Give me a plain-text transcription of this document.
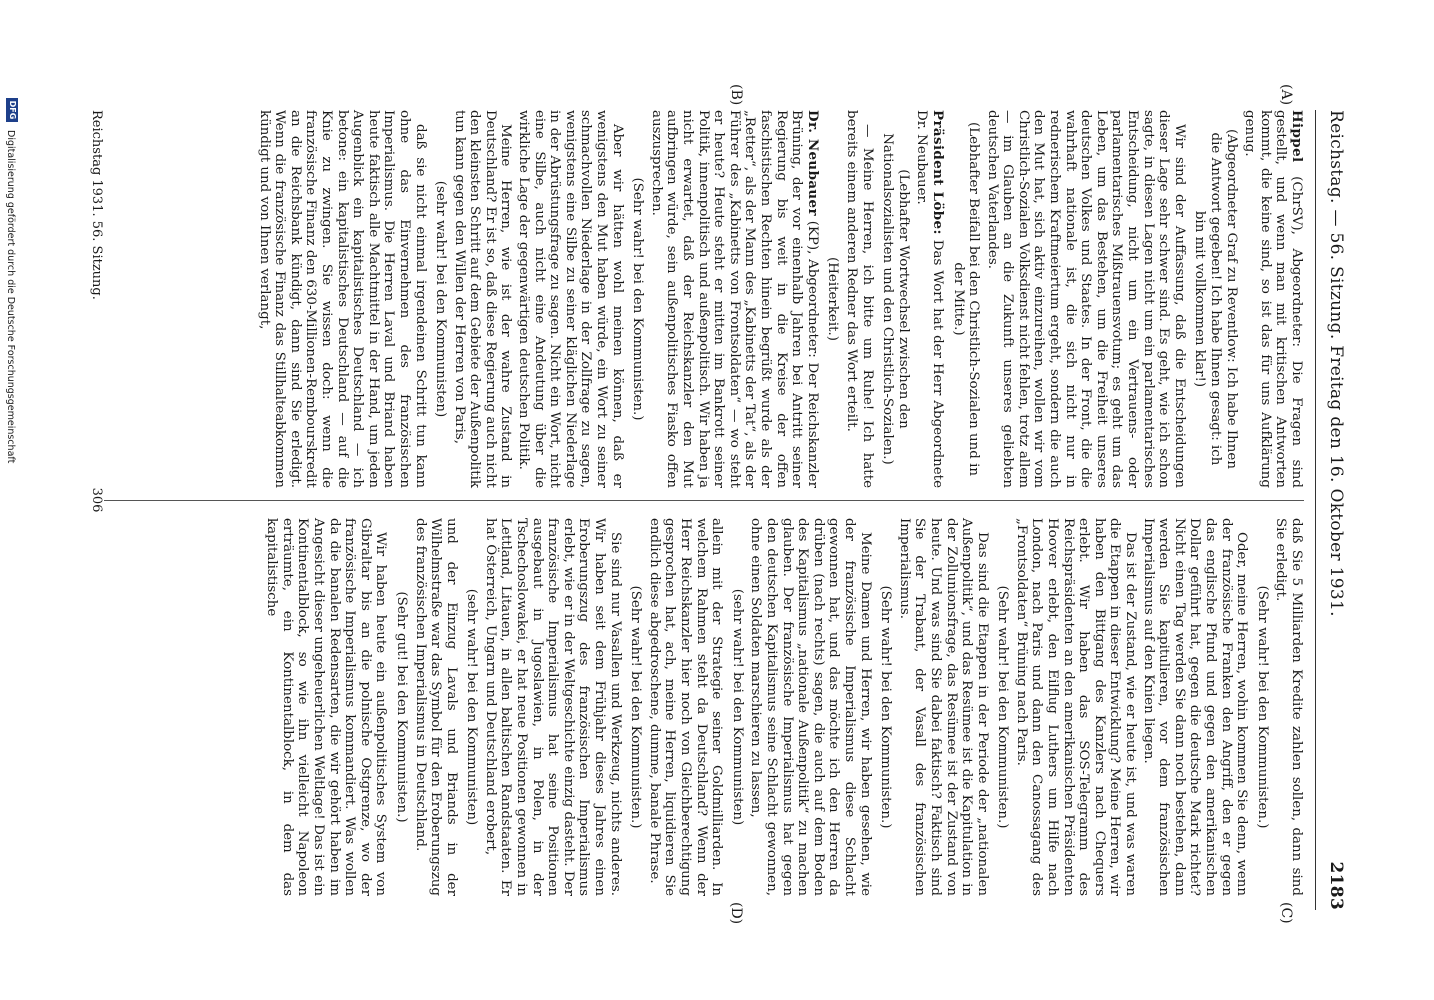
Reichstag. — 56. Sitzung. Freitag den 16. Oktober 1931.
2183
(A)
(B)
(C)
(D)

Hippel (ChrSV), Abgeordneter: Die Fragen sind gestellt, und wenn man mit kritischen Antworten kommt, die keine sind, so ist das für uns Aufklärung genug.

(Abgeordneter Graf zu Reventlow: Ich habe Ihnen die Antwort gegeben! Ich habe Ihnen gesagt: ich bin mit vollkommen klar!)

Wir sind der Auffassung, daß die Entscheidungen dieser Lage sehr schwer sind. Es geht, wie ich schon sagte, in diesen Lagen nicht um ein parlamentarisches Entscheidung, nicht um ein Vertrauens- oder parlamentarisches Mißtrauensvotum; es geht um das Leben, um das Bestehen, um die Freiheit unseres deutschen Volkes und Staates. In der Front, die die wahrhaft nationale ist, die sich nicht nur in rednerischem Kraftmeiertum ergeht, sondern die auch den Mut hat, sich aktiv einzureihen, wollen wir vom Christlich-Sozialen Volksdienst nicht fehlen, trotz allem — im Glauben an die Zukunft unseres geliebten deutschen Vaterlandes.

(Lebhafter Beifall bei den Christlich-Sozialen und in der Mitte.)

Präsident Löbe: Das Wort hat der Herr Abgeordnete Dr. Neubauer.

(Lebhafter Wortwechsel zwischen den Nationalsozialisten und den Christlich-Sozialen.)

— Meine Herren, ich bitte um Ruhe! Ich hatte bereits einem anderen Redner das Wort erteilt.

(Heiterkeit.)

Dr. Neubauer (KP), Abgeordneter: Der Reichskanzler Brüning, der vor einenhalb Jahren bei Antritt seiner Regierung bis weit in die Kreise der offen faschistischen Rechten hinein begrüßt wurde als der „Retter“, als der Mann des „Kabinetts der Tat“, als der Führer des „Kabinetts von Frontsoldaten“ — wo steht er heute? Heute steht er mitten im Bankrott seiner Politik, innenpolitisch und außenpolitisch. Wir haben ja nicht erwartet, daß der Reichskanzler den Mut aufbringen würde, sein außenpolitisches Fiasko offen auszusprechen.

(Sehr wahr! bei den Kommunisten.)

Aber wir hätten wohl meinen können, daß er wenigstens den Mut haben würde, ein Wort zu seiner schmachvollen Niederlage in der Zollfrage zu sagen, wenigstens eine Silbe zu seiner kläglichen Niederlage in der Abrüstungsfrage zu sagen. Nicht ein Wort, nicht eine Silbe, auch nicht eine Andeutung über die wirkliche Lage der gegenwärtigen deutschen Politik.

Meine Herren, wie ist der wahre Zustand in Deutschland? Er ist so, daß diese Regierung auch nicht den kleinsten Schritt auf dem Gebiete der Außenpolitik tun kann gegen den Willen der Herren von Paris,

(sehr wahr! bei den Kommunisten)

daß sie nicht einmal irgendeinen Schritt tun kann ohne das Einvernehmen des französischen Imperialismus. Die Herren Laval und Briand haben heute faktisch alle Machtmittel in der Hand, um jeden Augenblick ein kapitalistisches Deutschland — ich betone: ein kapitalistisches Deutschland — auf die Knie zu zwingen. Sie wissen doch: wenn die französische Finanz den 630-Millionen-Rembourskredit an die Reichsbank kündigt, dann sind Sie erledigt. Wenn die französische Finanz das Stillhalteabkommen kündigt und von Ihnen verlangt,

daß Sie 5 Milliarden Kredite zahlen sollen, dann sind Sie erledigt.

(Sehr wahr! bei den Kommunisten.)

Oder, meine Herren, wohin kommen Sie denn, wenn der französische Franken den Angriff, den er gegen das englische Pfund und gegen den amerikanischen Dollar geführt hat, gegen die deutsche Mark richtet? Nicht einen Tag werden Sie dann noch bestehen, dann werden Sie kapitulieren, vor dem französischen Imperialismus auf den Knien liegen.

Das ist der Zustand, wie er heute ist, und was waren die Etappen in dieser Entwicklung? Meine Herren, wir haben den Bittgang des Kanzlers nach Chequers erlebt. Wir haben das SOS-Telegramm des Reichspräsidenten an den amerikanischen Präsidenten Hoover erlebt, den Eilflug Luthers um Hilfe nach London, nach Paris und dann den Canossagang des „Frontsoldaten“ Brüning nach Paris.

(Sehr wahr! bei den Kommunisten.)

Das sind die Etappen in der Periode der „nationalen Außenpolitik“, und das Resümee ist die Kapitulation in der Zollunionsfrage, das Resümee ist der Zustand von heute. Und was sind Sie dabei faktisch? Faktisch sind Sie der Trabant, der Vasall des französischen Imperialismus.

(Sehr wahr! bei den Kommunisten.)

Meine Damen und Herren, wir haben gesehen, wie der französische Imperialismus diese Schlacht gewonnen hat, und das möchte ich den Herren da drüben (nach rechts) sagen, die auch auf dem Boden des Kapitalismus „nationale Außenpolitik“ zu machen glauben. Der französische Imperialismus hat gegen den deutschen Kapitalismus seine Schlacht gewonnen, ohne einen Soldaten marschieren zu lassen,

(sehr wahr! bei den Kommunisten)

allein mit der Strategie seiner Goldmilliarden. In welchem Rahmen steht da Deutschland? Wenn der Herr Reichskanzler hier noch von Gleichberechtigung gesprochen hat, ach, meine Herren, liquidieren Sie endlich diese abgedroschene, dumme, banale Phrase.

(Sehr wahr! bei den Kommunisten.)

Sie sind nur Vasallen und Werkzeug, nichts anderes. Wir haben seit dem Frühjahr dieses Jahres einen Eroberungszug des französischen Imperialismus erlebt, wie er in der Weltgeschichte einzig dasteht. Der französische Imperialismus hat seine Positionen ausgebaut in Jugoslawien, in Polen, in der Tschechoslowakei, er hat neue Positionen gewonnen in Lettland, Litauen, in allen baltischen Randstaaten. Er hat Österreich, Ungarn und Deutschland erobert,

(sehr wahr! bei den Kommunisten)

und der Einzug Lavals und Briands in der Wilhelmstraße war das Symbol für den Eroberungszug des französischen Imperialismus in Deutschland.

(Sehr gut! bei den Kommunisten.)

Wir haben heute ein außenpolitisches System von Gibraltar bis an die polnische Ostgrenze, wo der französische Imperialismus kommandiert. Was wollen da die banalen Redensarten, die wir gehört haben im Angesicht dieser ungeheuerlichen Weltlage! Das ist ein Kontinentalblock, so wie ihn vielleicht Napoleon erträumte, ein Kontinentalblock, in dem das kapitalistische

Reichstag 1931. 56. Sitzung.
306
DFG
Digitalisierung gefördert durch die Deutsche Forschungsgemeinschaft
